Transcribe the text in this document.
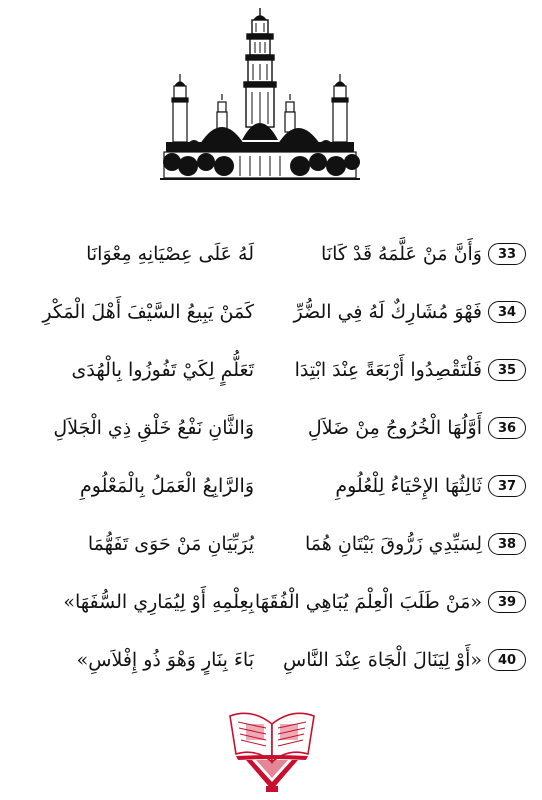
33
وَأَنَّ مَنْ عَلَّمَهُ قَدْ كَانَا
لَهُ عَلَى عِصْيَانِهِ مِعْوَانَا
34
فَهْوَ مُشَارِكٌ لَهُ فِي الضُّرِّ
كَمَنْ يَبِيعُ السَّيْفَ أَهْلَ الْمَكْرِ
35
فَلْتَقْصِدُوا أَرْبَعَةً عِنْدَ ابْتِدَا
تَعَلُّمٍ لِكَيْ تَفُوزُوا بِالْهُدَى
36
أَوَّلُهَا الْخُرُوجُ مِنْ ضَلاَلِ
وَالثَّانِ نَفْعُ خَلْقِ ذِي الْجَلاَلِ
37
ثَالِثُهَا الإِحْيَاءُ لِلْعُلُومِ
وَالرَّابِعُ الْعَمَلُ بِالْمَعْلُومِ
38
لِسَيِّدِي زَرُّوقَ بَيْتَانِ هُمَا
يُرَبِّيَانِ مَنْ حَوَى تَفَهُّمَا
39
«مَنْ طَلَبَ الْعِلْمَ يُبَاهِي الْفُقَهَا
بِعِلْمِهِ أَوْ لِيُمَارِي السُّفَهَا»
40
«أَوْ لِيَنَالَ الْجَاهَ عِنْدَ النَّاسِ
بَاءَ بِنَارٍ وَهْوَ ذُو إِفْلاَسِ»
